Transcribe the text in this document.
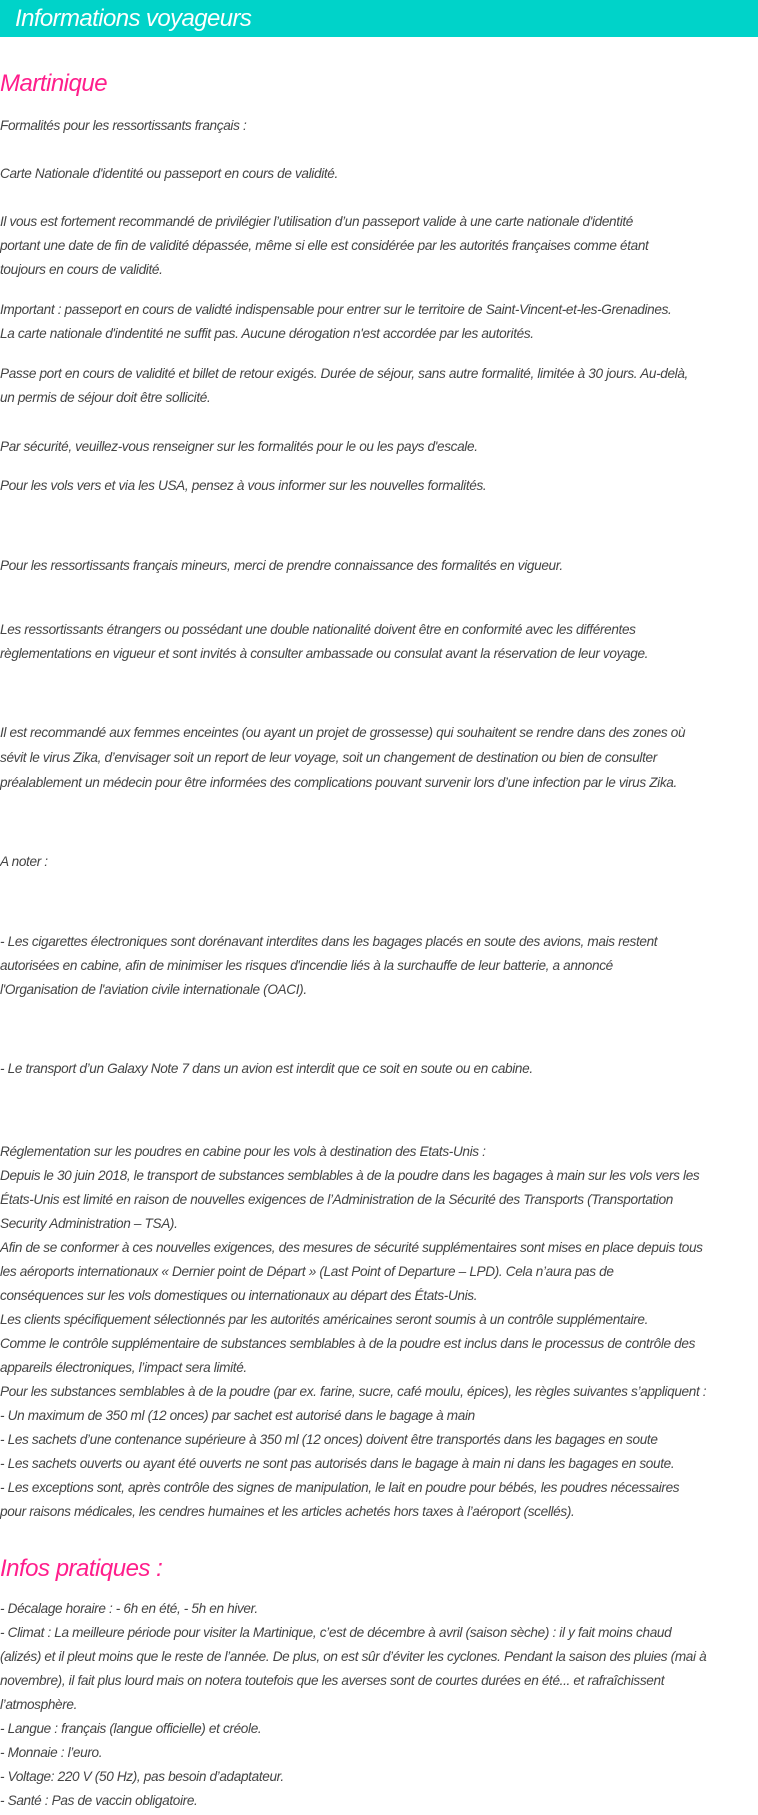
Informations voyageurs
Martinique
Formalités pour les ressortissants français :
Carte Nationale d'identité ou passeport en cours de validité.
Il vous est fortement recommandé de privilégier l’utilisation d’un passeport valide à une carte nationale d'identité
portant une date de fin de validité dépassée, même si elle est considérée par les autorités françaises comme étant
toujours en cours de validité.
Important : passeport en cours de validté indispensable pour entrer sur le territoire de Saint-Vincent-et-les-Grenadines.
La carte nationale d'indentité ne suffit pas. Aucune dérogation n'est accordée par les autorités.
Passe port en cours de validité et billet de retour exigés. Durée de séjour, sans autre formalité, limitée à 30 jours. Au-delà,
un permis de séjour doit être sollicité.
Par sécurité, veuillez-vous renseigner sur les formalités pour le ou les pays d'escale.
Pour les vols vers et via les USA, pensez à vous informer sur les nouvelles formalités.
Pour les ressortissants français mineurs, merci de prendre connaissance des formalités en vigueur.
Les ressortissants étrangers ou possédant une double nationalité doivent être en conformité avec les différentes
règlementations en vigueur et sont invités à consulter ambassade ou consulat avant la réservation de leur voyage.
Il est recommandé aux femmes enceintes (ou ayant un projet de grossesse) qui souhaitent se rendre dans des zones où
sévit le virus Zika, d’envisager soit un report de leur voyage, soit un changement de destination ou bien de consulter
préalablement un médecin pour être informées des complications pouvant survenir lors d’une infection par le virus Zika.
A noter :
- Les cigarettes électroniques sont dorénavant interdites dans les bagages placés en soute des avions, mais restent
autorisées en cabine, afin de minimiser les risques d'incendie liés à la surchauffe de leur batterie, a annoncé
l'Organisation de l'aviation civile internationale (OACI).
- Le transport d’un Galaxy Note 7 dans un avion est interdit que ce soit en soute ou en cabine.
Réglementation sur les poudres en cabine pour les vols à destination des Etats-Unis :
Depuis le 30 juin 2018, le transport de substances semblables à de la poudre dans les bagages à main sur les vols vers les
États-Unis est limité en raison de nouvelles exigences de l’Administration de la Sécurité des Transports (Transportation
Security Administration – TSA).
Afin de se conformer à ces nouvelles exigences, des mesures de sécurité supplémentaires sont mises en place depuis tous
les aéroports internationaux « Dernier point de Départ » (Last Point of Departure – LPD). Cela n’aura pas de
conséquences sur les vols domestiques ou internationaux au départ des États-Unis.
Les clients spécifiquement sélectionnés par les autorités américaines seront soumis à un contrôle supplémentaire.
Comme le contrôle supplémentaire de substances semblables à de la poudre est inclus dans le processus de contrôle des
appareils électroniques, l’impact sera limité.
Pour les substances semblables à de la poudre (par ex. farine, sucre, café moulu, épices), les règles suivantes s’appliquent :
- Un maximum de 350 ml (12 onces) par sachet est autorisé dans le bagage à main
- Les sachets d’une contenance supérieure à 350 ml (12 onces) doivent être transportés dans les bagages en soute
- Les sachets ouverts ou ayant été ouverts ne sont pas autorisés dans le bagage à main ni dans les bagages en soute.
- Les exceptions sont, après contrôle des signes de manipulation, le lait en poudre pour bébés, les poudres nécessaires
pour raisons médicales, les cendres humaines et les articles achetés hors taxes à l’aéroport (scellés).
Infos pratiques :
- Décalage horaire : - 6h en été, - 5h en hiver.
- Climat : La meilleure période pour visiter la Martinique, c’est de décembre à avril (saison sèche) : il y fait moins chaud
(alizés) et il pleut moins que le reste de l’année. De plus, on est sûr d’éviter les cyclones. Pendant la saison des pluies (mai à
novembre), il fait plus lourd mais on notera toutefois que les averses sont de courtes durées en été... et rafraîchissent
l’atmosphère.
- Langue : français (langue officielle) et créole.
- Monnaie : l’euro.
- Voltage: 220 V (50 Hz), pas besoin d’adaptateur.
- Santé : Pas de vaccin obligatoire.
